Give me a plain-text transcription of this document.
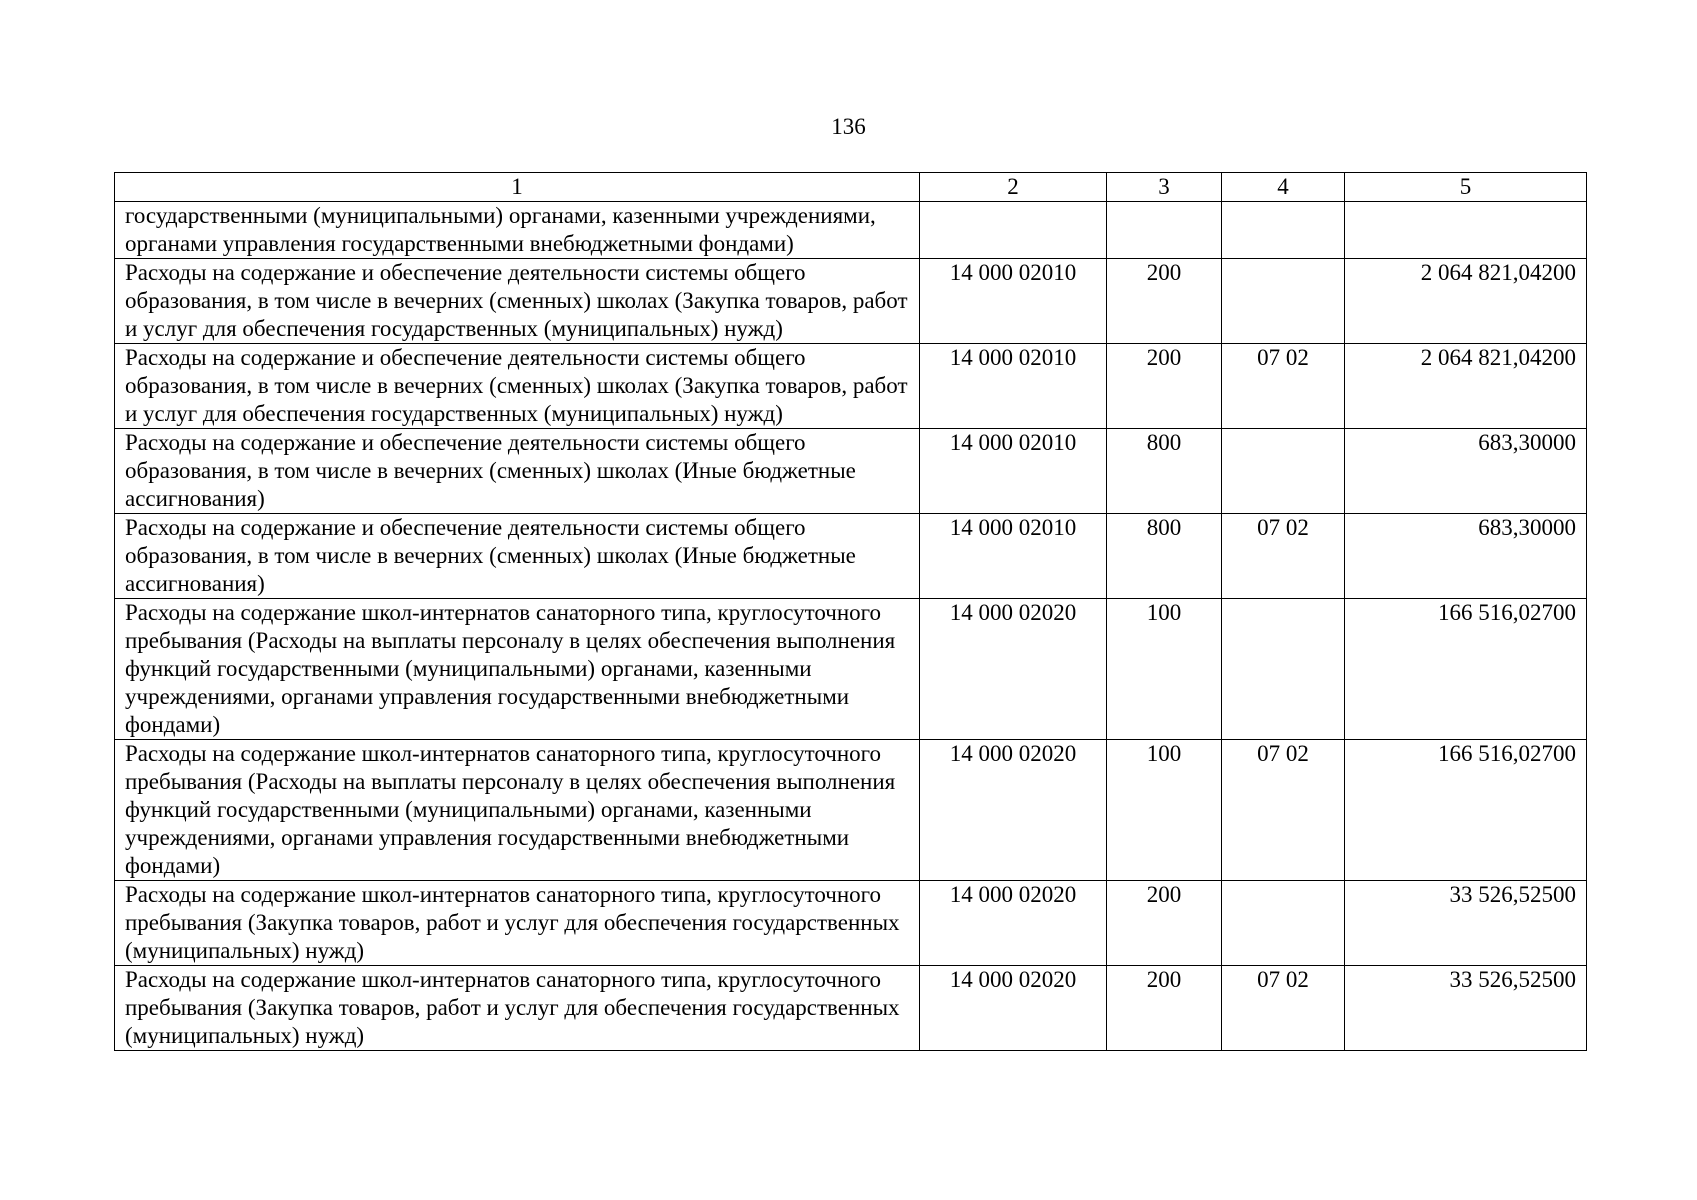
136
1	2	3	4	5
государственными (муниципальными) органами, казенными учреждениями, органами управления государственными внебюджетными фондами)				
Расходы на содержание и обеспечение деятельности системы общего образования, в том числе в вечерних (сменных) школах (Закупка товаров, работ и услуг для обеспечения государственных (муниципальных) нужд)	14 000 02010	200		2 064 821,04200
Расходы на содержание и обеспечение деятельности системы общего образования, в том числе в вечерних (сменных) школах (Закупка товаров, работ и услуг для обеспечения государственных (муниципальных) нужд)	14 000 02010	200	07 02	2 064 821,04200
Расходы на содержание и обеспечение деятельности системы общего образования, в том числе в вечерних (сменных) школах (Иные бюджетные ассигнования)	14 000 02010	800		683,30000
Расходы на содержание и обеспечение деятельности системы общего образования, в том числе в вечерних (сменных) школах (Иные бюджетные ассигнования)	14 000 02010	800	07 02	683,30000
Расходы на содержание школ-интернатов санаторного типа, круглосуточного пребывания (Расходы на выплаты персоналу в целях обеспечения выполнения функций государственными (муниципальными) органами, казенными учреждениями, органами управления государственными внебюджетными фондами)	14 000 02020	100		166 516,02700
Расходы на содержание школ-интернатов санаторного типа, круглосуточного пребывания (Расходы на выплаты персоналу в целях обеспечения выполнения функций государственными (муниципальными) органами, казенными учреждениями, органами управления государственными внебюджетными фондами)	14 000 02020	100	07 02	166 516,02700
Расходы на содержание школ-интернатов санаторного типа, круглосуточного пребывания (Закупка товаров, работ и услуг для обеспечения государственных (муниципальных) нужд)	14 000 02020	200		33 526,52500
Расходы на содержание школ-интернатов санаторного типа, круглосуточного пребывания (Закупка товаров, работ и услуг для обеспечения государственных (муниципальных) нужд)	14 000 02020	200	07 02	33 526,52500
